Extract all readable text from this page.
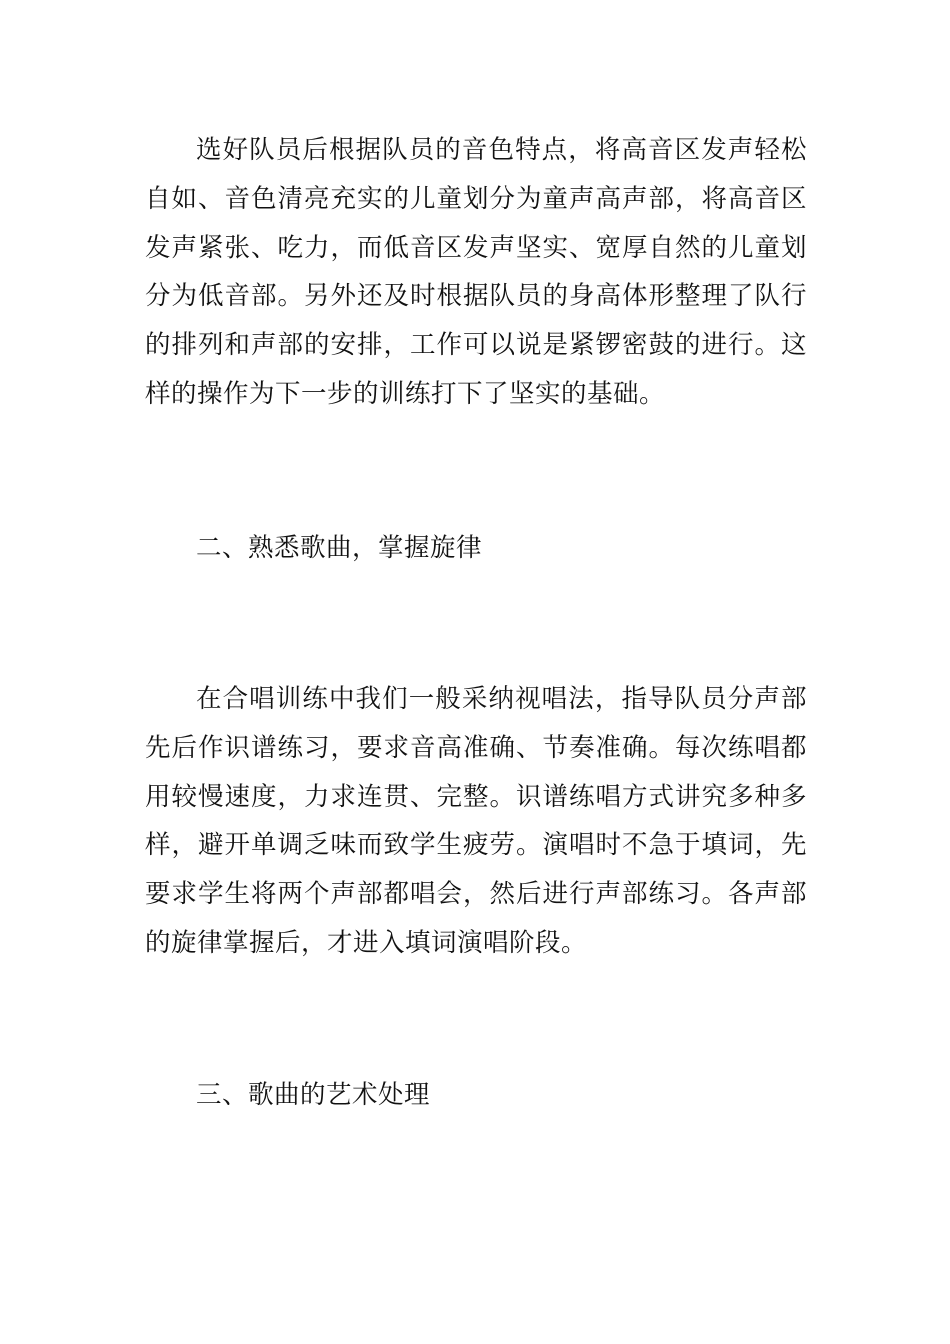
选好队员后根据队员的音色特点，将高音区发声轻松自如、音色清亮充实的儿童划分为童声高声部，将高音区发声紧张、吃力，而低音区发声坚实、宽厚自然的儿童划分为低音部。另外还及时根据队员的身高体形整理了队行的排列和声部的安排，工作可以说是紧锣密鼓的进行。这样的操作为下一步的训练打下了坚实的基础。

二、熟悉歌曲，掌握旋律

在合唱训练中我们一般采纳视唱法，指导队员分声部先后作识谱练习，要求音高准确、节奏准确。每次练唱都用较慢速度，力求连贯、完整。识谱练唱方式讲究多种多样，避开单调乏味而致学生疲劳。演唱时不急于填词，先要求学生将两个声部都唱会，然后进行声部练习。各声部的旋律掌握后，才进入填词演唱阶段。

三、歌曲的艺术处理
